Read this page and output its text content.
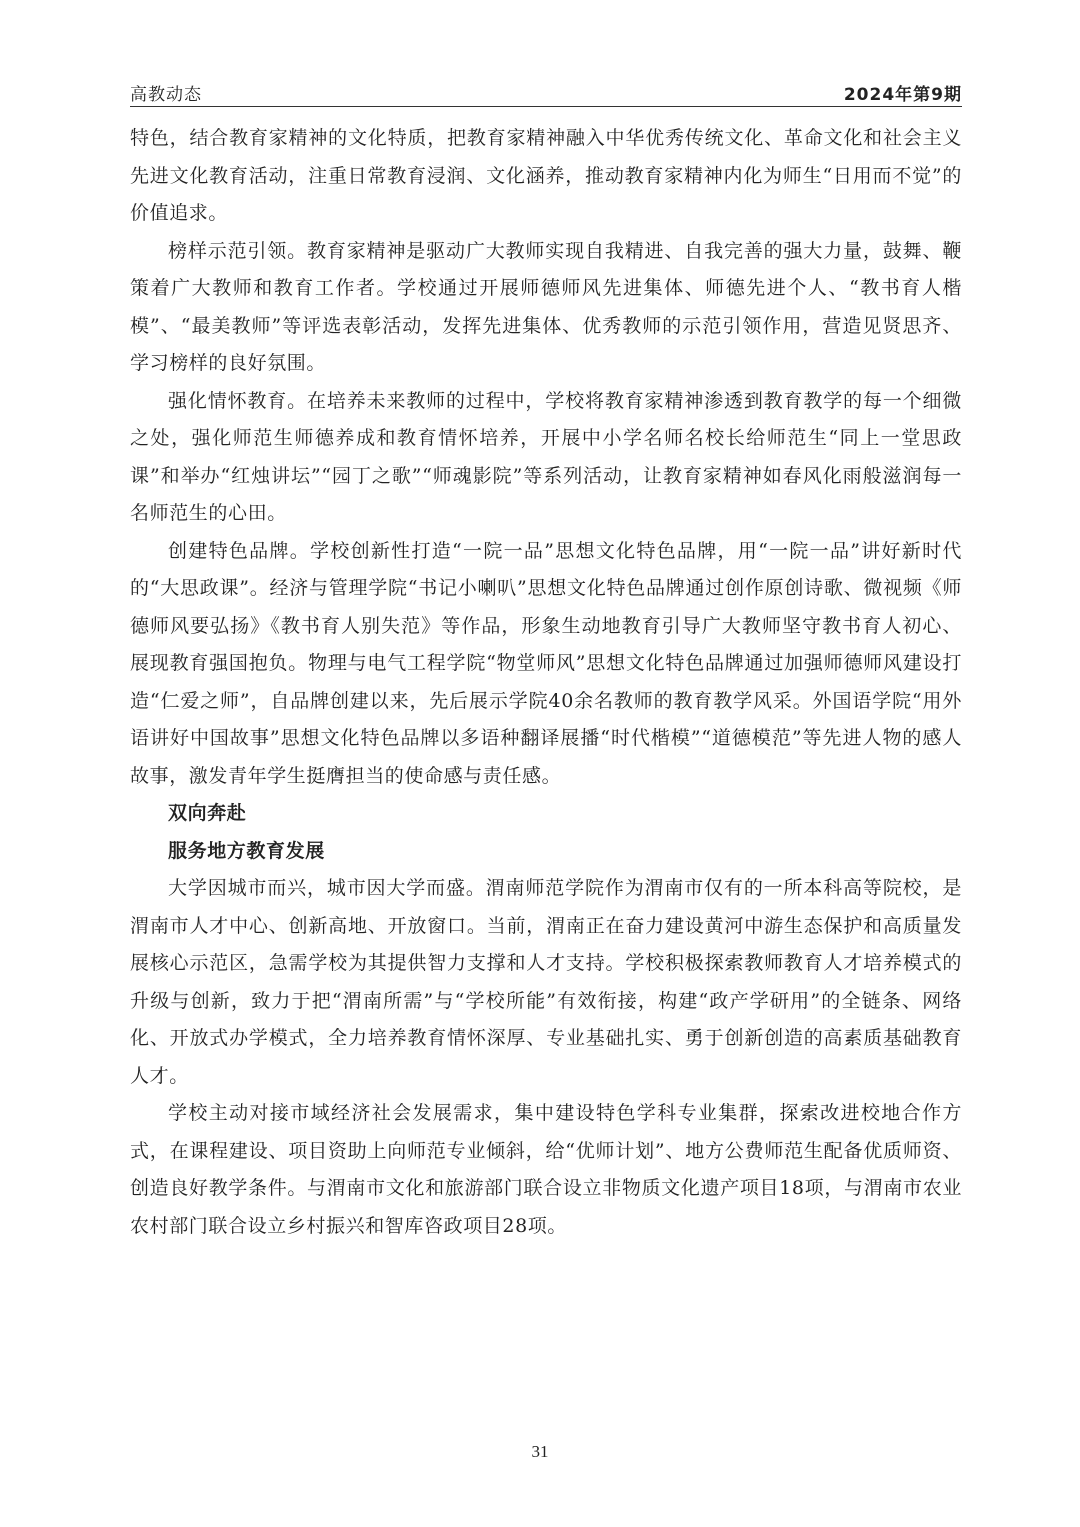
高教动态	2024年第9期

特色，结合教育家精神的文化特质，把教育家精神融入中华优秀传统文化、革命文化和社会主义先进文化教育活动，注重日常教育浸润、文化涵养，推动教育家精神内化为师生“日用而不觉”的价值追求。

榜样示范引领。教育家精神是驱动广大教师实现自我精进、自我完善的强大力量，鼓舞、鞭策着广大教师和教育工作者。学校通过开展师德师风先进集体、师德先进个人、“教书育人楷模”、“最美教师”等评选表彰活动，发挥先进集体、优秀教师的示范引领作用，营造见贤思齐、学习榜样的良好氛围。

强化情怀教育。在培养未来教师的过程中，学校将教育家精神渗透到教育教学的每一个细微之处，强化师范生师德养成和教育情怀培养，开展中小学名师名校长给师范生“同上一堂思政课”和举办“红烛讲坛”“园丁之歌”“师魂影院”等系列活动，让教育家精神如春风化雨般滋润每一名师范生的心田。

创建特色品牌。学校创新性打造“一院一品”思想文化特色品牌，用“一院一品”讲好新时代的“大思政课”。经济与管理学院“书记小喇叭”思想文化特色品牌通过创作原创诗歌、微视频《师德师风要弘扬》《教书育人别失范》等作品，形象生动地教育引导广大教师坚守教书育人初心、展现教育强国抱负。物理与电气工程学院“物堂师风”思想文化特色品牌通过加强师德师风建设打造“仁爱之师”，自品牌创建以来，先后展示学院40余名教师的教育教学风采。外国语学院“用外语讲好中国故事”思想文化特色品牌以多语种翻译展播“时代楷模”“道德模范”等先进人物的感人故事，激发青年学生挺膺担当的使命感与责任感。

双向奔赴

服务地方教育发展

大学因城市而兴，城市因大学而盛。渭南师范学院作为渭南市仅有的一所本科高等院校，是渭南市人才中心、创新高地、开放窗口。当前，渭南正在奋力建设黄河中游生态保护和高质量发展核心示范区，急需学校为其提供智力支撑和人才支持。学校积极探索教师教育人才培养模式的升级与创新，致力于把“渭南所需”与“学校所能”有效衔接，构建“政产学研用”的全链条、网络化、开放式办学模式，全力培养教育情怀深厚、专业基础扎实、勇于创新创造的高素质基础教育人才。

学校主动对接市域经济社会发展需求，集中建设特色学科专业集群，探索改进校地合作方式，在课程建设、项目资助上向师范专业倾斜，给“优师计划”、地方公费师范生配备优质师资、创造良好教学条件。与渭南市文化和旅游部门联合设立非物质文化遗产项目18项，与渭南市农业农村部门联合设立乡村振兴和智库咨政项目28项。

31
